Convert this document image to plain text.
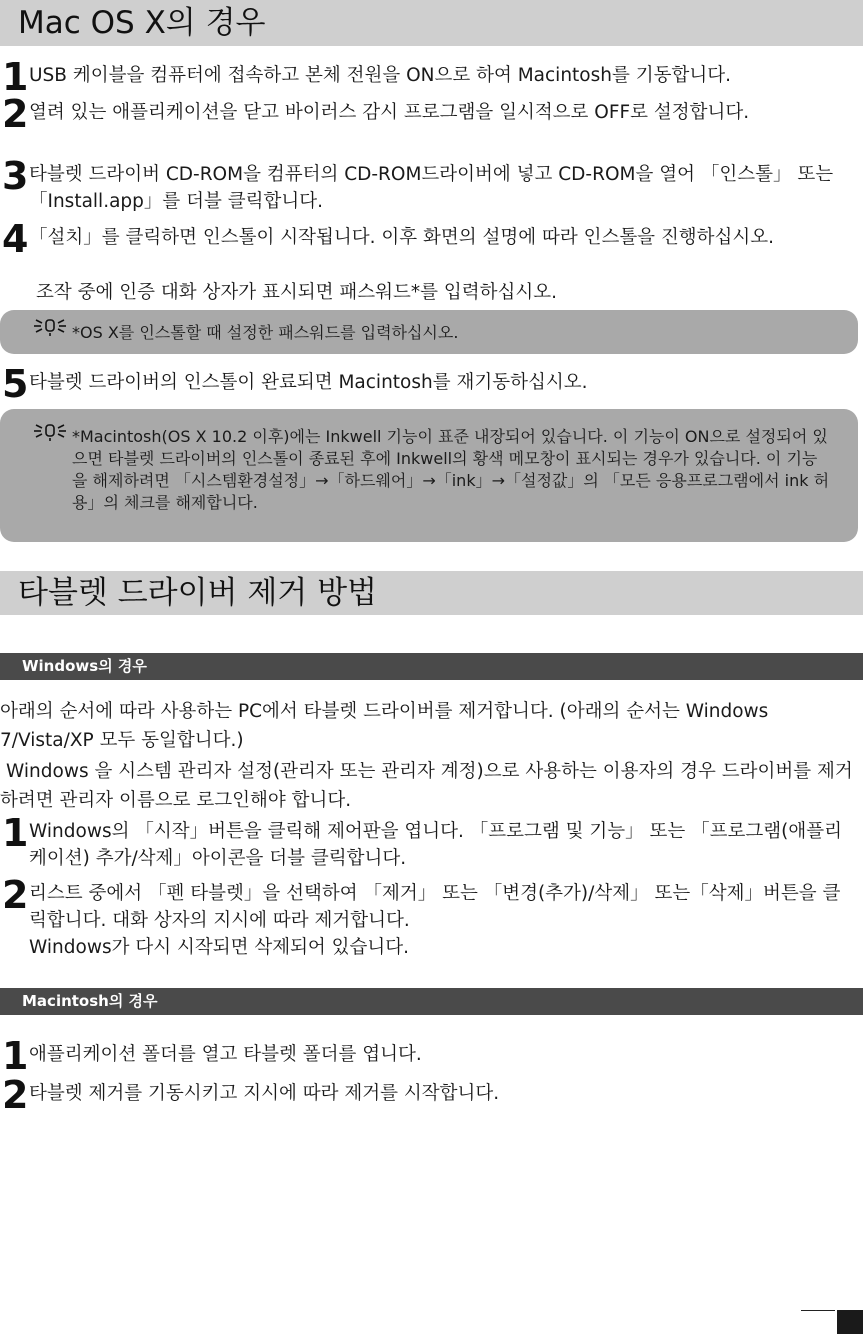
Mac OS X의 경우
1 USB 케이블을 컴퓨터에 접속하고 본체 전원을 ON으로 하여 Macintosh를 기동합니다.
2 열려 있는 애플리케이션을 닫고 바이러스 감시 프로그램을 일시적으로 OFF로 설정합니다.
3 타블렛 드라이버 CD-ROM을 컴퓨터의 CD-ROM드라이버에 넣고 CD-ROM을 열어 「인스톨」 또는 「Install.app」를 더블 클릭합니다.
4 「설치」를 클릭하면 인스톨이 시작됩니다. 이후 화면의 설명에 따라 인스톨을 진행하십시오.
조작 중에 인증 대화 상자가 표시되면 패스워드*를 입력하십시오.
*OS X를 인스톨할 때 설정한 패스워드를 입력하십시오.
5 타블렛 드라이버의 인스톨이 완료되면 Macintosh를 재기동하십시오.
*Macintosh(OS X 10.2 이후)에는 Inkwell 기능이 표준 내장되어 있습니다. 이 기능이 ON으로 설정되어 있으면 타블렛 드라이버의 인스톨이 종료된 후에 Inkwell의 황색 메모창이 표시되는 경우가 있습니다. 이 기능을 해제하려면 「시스템환경설정」→「하드웨어」→「ink」→「설정값」의 「모든 응용프로그램에서 ink 허용」의 체크를 해제합니다.
타블렛 드라이버 제거 방법
Windows의 경우
아래의 순서에 따라 사용하는 PC에서 타블렛 드라이버를 제거합니다. (아래의 순서는 Windows 7/Vista/XP 모두 동일합니다.)
Windows 을 시스템 관리자 설정(관리자 또는 관리자 계정)으로 사용하는 이용자의 경우 드라이버를 제거하려면 관리자 이름으로 로그인해야 합니다.
1 Windows의 「시작」버튼을 클릭해 제어판을 엽니다. 「프로그램 및 기능」 또는 「프로그램(애플리케이션) 추가/삭제」아이콘을 더블 클릭합니다.
2 리스트 중에서 「펜 타블렛」을 선택하여 「제거」 또는 「변경(추가)/삭제」 또는「삭제」버튼을 클릭합니다. 대화 상자의 지시에 따라 제거합니다.
Windows가 다시 시작되면 삭제되어 있습니다.
Macintosh의 경우
1 애플리케이션 폴더를 열고 타블렛 폴더를 엽니다.
2 타블렛 제거를 기동시키고 지시에 따라 제거를 시작합니다.
